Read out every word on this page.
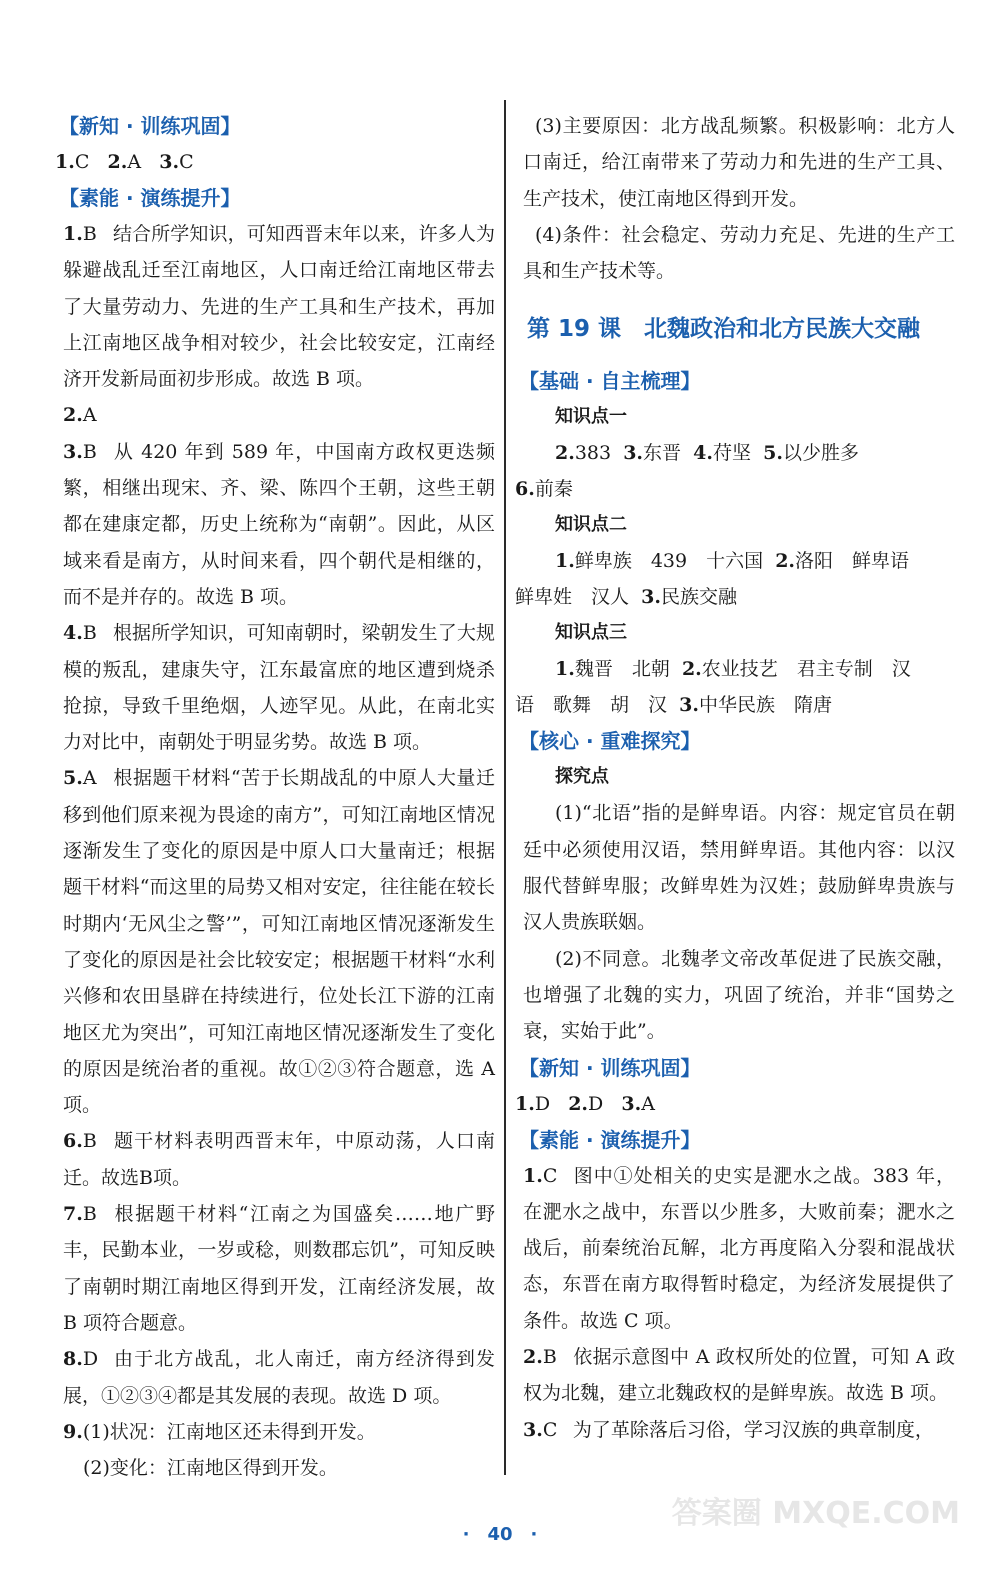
【新知 · 训练巩固】
1.C 2.A 3.C
【素能 · 演练提升】
1.B 结合所学知识，可知西晋末年以来，许多人为躲避战乱迁至江南地区，人口南迁给江南地区带去了大量劳动力、先进的生产工具和生产技术，再加上江南地区战争相对较少，社会比较安定，江南经济开发新局面初步形成。故选 B 项。
2.A
3.B 从 420 年到 589 年，中国南方政权更迭频繁，相继出现宋、齐、梁、陈四个王朝，这些王朝都在建康定都，历史上统称为“南朝”。因此，从区域来看是南方，从时间来看，四个朝代是相继的，而不是并存的。故选 B 项。
4.B 根据所学知识，可知南朝时，梁朝发生了大规模的叛乱，建康失守，江东最富庶的地区遭到烧杀抢掠，导致千里绝烟，人迹罕见。从此，在南北实力对比中，南朝处于明显劣势。故选 B 项。
5.A 根据题干材料“苦于长期战乱的中原人大量迁移到他们原来视为畏途的南方”，可知江南地区情况逐渐发生了变化的原因是中原人口大量南迁；根据题干材料“而这里的局势又相对安定，往往能在较长时期内‘无风尘之警’”，可知江南地区情况逐渐发生了变化的原因是社会比较安定；根据题干材料“水利兴修和农田垦辟在持续进行，位处长江下游的江南地区尤为突出”，可知江南地区情况逐渐发生了变化的原因是统治者的重视。故①②③符合题意，选 A 项。
6.B 题干材料表明西晋末年，中原动荡，人口南迁。故选B项。
7.B 根据题干材料“江南之为国盛矣……地广野丰，民勤本业，一岁或稔，则数郡忘饥”，可知反映了南朝时期江南地区得到开发，江南经济发展，故 B 项符合题意。
8.D 由于北方战乱，北人南迁，南方经济得到发展，①②③④都是其发展的表现。故选 D 项。
9.(1)状况：江南地区还未得到开发。
(2)变化：江南地区得到开发。
(3)主要原因：北方战乱频繁。积极影响：北方人口南迁，给江南带来了劳动力和先进的生产工具、生产技术，使江南地区得到开发。
(4)条件：社会稳定、劳动力充足、先进的生产工具和生产技术等。
第 19 课　北魏政治和北方民族大交融
【基础 · 自主梳理】
知识点一
2.383 3.东晋 4.苻坚 5.以少胜多
6.前秦
知识点二
1.鲜卑族　439　十六国 2.洛阳　鲜卑语
鲜卑姓　汉人 3.民族交融
知识点三
1.魏晋　北朝 2.农业技艺　君主专制　汉
语　歌舞　胡　汉 3.中华民族　隋唐
【核心 · 重难探究】
探究点
(1)“北语”指的是鲜卑语。内容：规定官员在朝廷中必须使用汉语，禁用鲜卑语。其他内容：以汉服代替鲜卑服；改鲜卑姓为汉姓；鼓励鲜卑贵族与汉人贵族联姻。
(2)不同意。北魏孝文帝改革促进了民族交融，也增强了北魏的实力，巩固了统治，并非“国势之衰，实始于此”。
【新知 · 训练巩固】
1.D 2.D 3.A
【素能 · 演练提升】
1.C 图中①处相关的史实是淝水之战。383 年，在淝水之战中，东晋以少胜多，大败前秦；淝水之战后，前秦统治瓦解，北方再度陷入分裂和混战状态，东晋在南方取得暂时稳定，为经济发展提供了条件。故选 C 项。
2.B 依据示意图中 A 政权所处的位置，可知 A 政权为北魏，建立北魏政权的是鲜卑族。故选 B 项。
3.C 为了革除落后习俗，学习汉族的典章制度，
·　40　·
答案圈 MXQE.COM
